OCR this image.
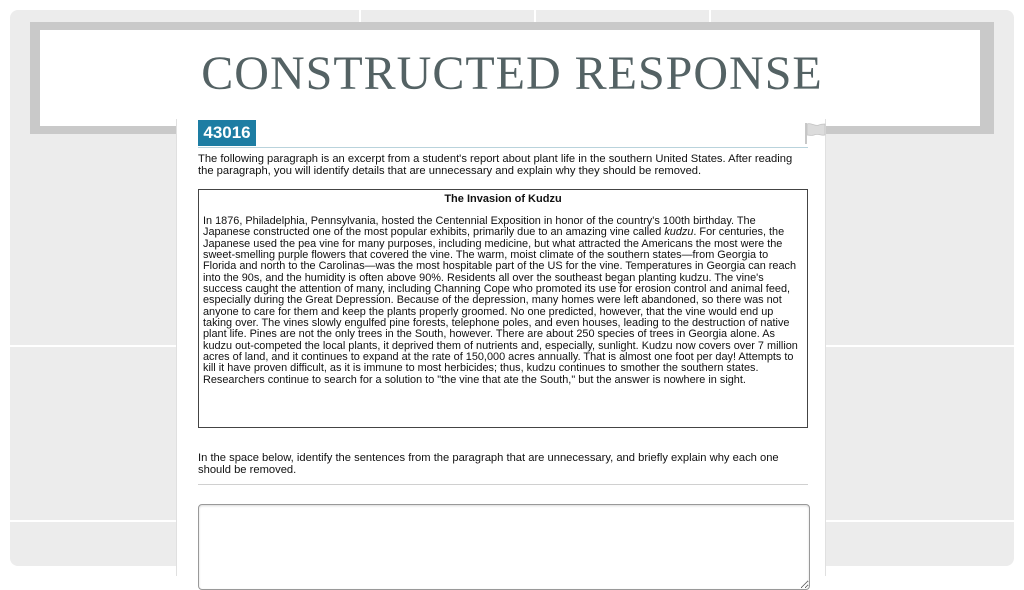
CONSTRUCTED RESPONSE
43016

The following paragraph is an excerpt from a student's report about plant life in the southern United States. After reading the paragraph, you will identify details that are unnecessary and explain why they should be removed.

The Invasion of Kudzu

In 1876, Philadelphia, Pennsylvania, hosted the Centennial Exposition in honor of the country's 100th birthday. The Japanese constructed one of the most popular exhibits, primarily due to an amazing vine called kudzu. For centuries, the Japanese used the pea vine for many purposes, including medicine, but what attracted the Americans the most were the sweet-smelling purple flowers that covered the vine. The warm, moist climate of the southern states—from Georgia to Florida and north to the Carolinas—was the most hospitable part of the US for the vine. Temperatures in Georgia can reach into the 90s, and the humidity is often above 90%. Residents all over the southeast began planting kudzu. The vine's success caught the attention of many, including Channing Cope who promoted its use for erosion control and animal feed, especially during the Great Depression. Because of the depression, many homes were left abandoned, so there was not anyone to care for them and keep the plants properly groomed. No one predicted, however, that the vine would end up taking over. The vines slowly engulfed pine forests, telephone poles, and even houses, leading to the destruction of native plant life. Pines are not the only trees in the South, however. There are about 250 species of trees in Georgia alone. As kudzu out-competed the local plants, it deprived them of nutrients and, especially, sunlight. Kudzu now covers over 7 million acres of land, and it continues to expand at the rate of 150,000 acres annually. That is almost one foot per day! Attempts to kill it have proven difficult, as it is immune to most herbicides; thus, kudzu continues to smother the southern states. Researchers continue to search for a solution to "the vine that ate the South," but the answer is nowhere in sight.

In the space below, identify the sentences from the paragraph that are unnecessary, and briefly explain why each one should be removed.
